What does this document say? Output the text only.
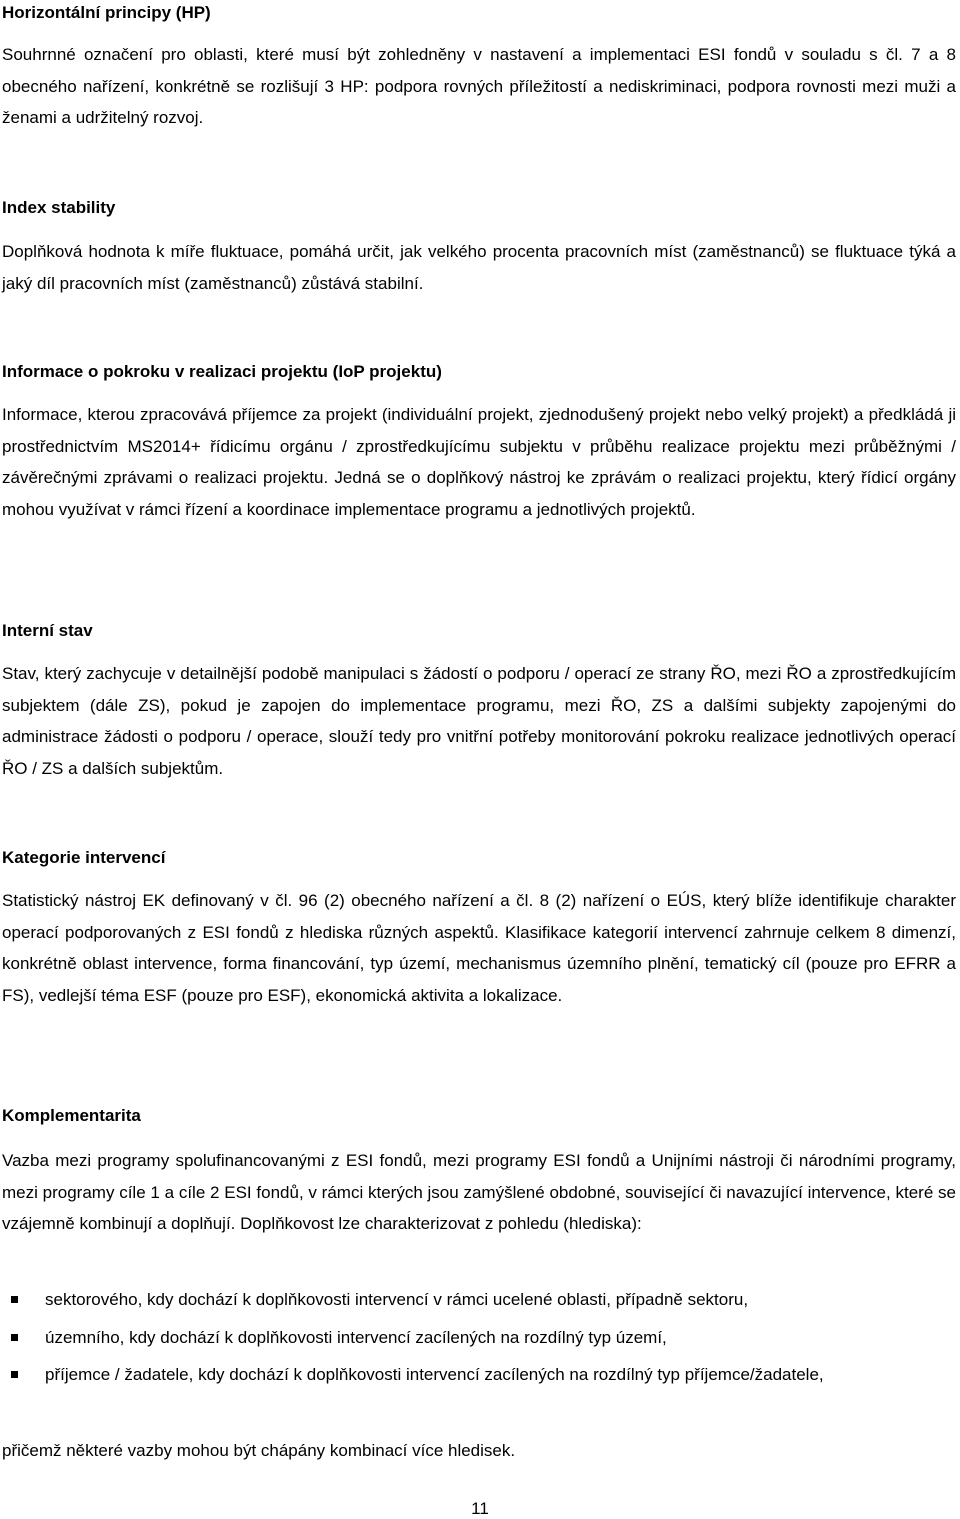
Horizontální principy (HP)

Souhrnné označení pro oblasti, které musí být zohledněny v nastavení a implementaci ESI fondů v souladu s čl. 7 a 8 obecného nařízení, konkrétně se rozlišují 3 HP: podpora rovných příležitostí a nediskriminaci, podpora rovnosti mezi muži a ženami a udržitelný rozvoj.

Index stability

Doplňková hodnota k míře fluktuace, pomáhá určit, jak velkého procenta pracovních míst (zaměstnanců) se fluktuace týká a jaký díl pracovních míst (zaměstnanců) zůstává stabilní.

Informace o pokroku v realizaci projektu (IoP projektu)

Informace, kterou zpracovává příjemce za projekt (individuální projekt, zjednodušený projekt nebo velký projekt) a předkládá ji prostřednictvím MS2014+ řídicímu orgánu / zprostředkujícímu subjektu v průběhu realizace projektu mezi průběžnými / závěrečnými zprávami o realizaci projektu. Jedná se o doplňkový nástroj ke zprávám o realizaci projektu, který řídicí orgány mohou využívat v rámci řízení a koordinace implementace programu a jednotlivých projektů.

Interní stav

Stav, který zachycuje v detailnější podobě manipulaci s žádostí o podporu / operací ze strany ŘO, mezi ŘO a zprostředkujícím subjektem (dále ZS), pokud je zapojen do implementace programu, mezi ŘO, ZS a dalšími subjekty zapojenými do administrace žádosti o podporu / operace, slouží tedy pro vnitřní potřeby monitorování pokroku realizace jednotlivých operací ŘO / ZS a dalších subjektům.

Kategorie intervencí

Statistický nástroj EK definovaný v čl. 96 (2) obecného nařízení a čl. 8 (2) nařízení o EÚS, který blíže identifikuje charakter operací podporovaných z ESI fondů z hlediska různých aspektů. Klasifikace kategorií intervencí zahrnuje celkem 8 dimenzí, konkrétně oblast intervence, forma financování, typ území, mechanismus územního plnění, tematický cíl (pouze pro EFRR a FS), vedlejší téma ESF (pouze pro ESF), ekonomická aktivita a lokalizace.

Komplementarita

Vazba mezi programy spolufinancovanými z ESI fondů, mezi programy ESI fondů a Unijními nástroji či národními programy, mezi programy cíle 1 a cíle 2 ESI fondů, v rámci kterých jsou zamýšlené obdobné, související či navazující intervence, které se vzájemně kombinují a doplňují. Doplňkovost lze charakterizovat z pohledu (hlediska):

sektorového, kdy dochází k doplňkovosti intervencí v rámci ucelené oblasti, případně sektoru,
územního, kdy dochází k doplňkovosti intervencí zacílených na rozdílný typ území,
příjemce / žadatele, kdy dochází k doplňkovosti intervencí zacílených na rozdílný typ příjemce/žadatele,

přičemž některé vazby mohou být chápány kombinací více hledisek.

11
